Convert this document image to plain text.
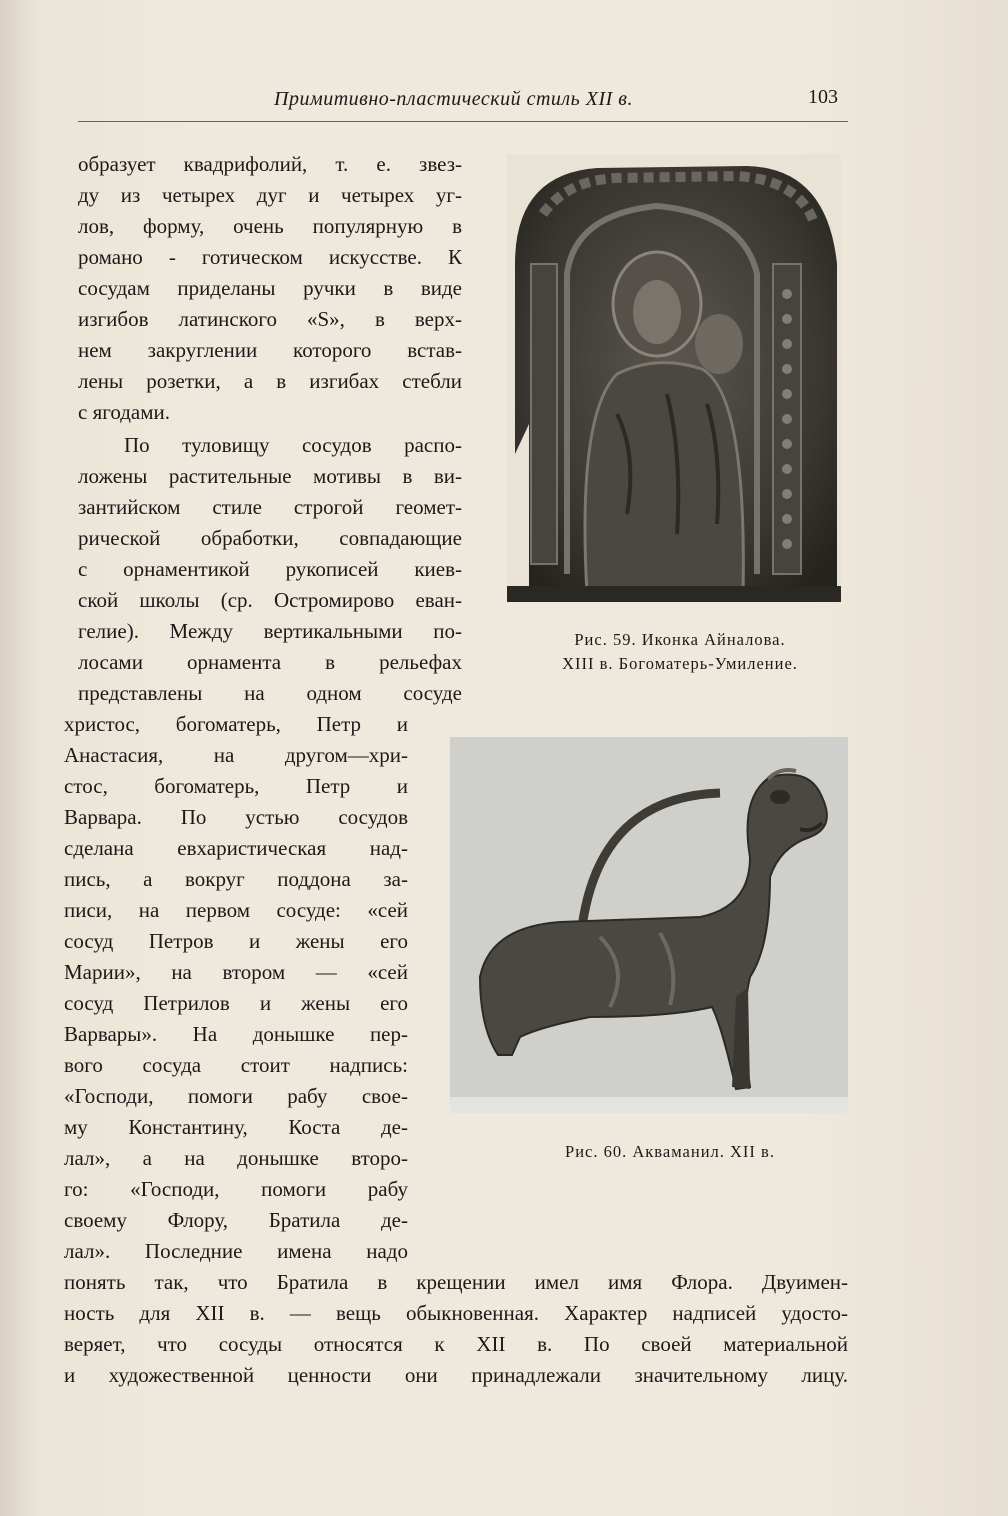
Примитивно-пластический стиль XII в.	103
образует квадрифолий, т. е. звез-
ду из четырех дуг и четырех уг-
лов, форму, очень популярную в
романо - готическом искусстве. К
сосудам приделаны ручки в виде
изгибов латинского «S», в верх-
нем закруглении которого встав-
лены розетки, а в изгибах стебли
с ягодами.
По туловищу сосудов распо-
ложены растительные мотивы в ви-
зантийском стиле строгой геомет-
рической обработки, совпадающие
с орнаментикой рукописей киев-
ской школы (ср. Остромирово еван-
гелие). Между вертикальными по-
лосами орнамента в рельефах
представлены на одном сосуде
христос, богоматерь, Петр и
Анастасия, на другом—хри-
стос, богоматерь, Петр и
Варвара. По устью сосудов
сделана евхаристическая над-
пись, а вокруг поддона за-
писи, на первом сосуде: «сей
сосуд Петров и жены его
Марии», на втором — «сей
сосуд Петрилов и жены его
Варвары». На донышке пер-
вого сосуда стоит надпись:
«Господи, помоги рабу свое-
му Константину, Коста де-
лал», а на донышке второ-
го: «Господи, помоги рабу
своему Флору, Братила де-
лал». Последние имена надо
понять так, что Братила в крещении имел имя Флора. Двуимен-
ность для XII в. — вещь обыкновенная. Характер надписей удосто-
веряет, что сосуды относятся к XII в. По своей материальной
и художественной ценности они принадлежали значительному лицу.
Рис. 59. Иконка Айналова.
XIII в. Богоматерь-Умиление.
Рис. 60. Акваманил. XII в.
